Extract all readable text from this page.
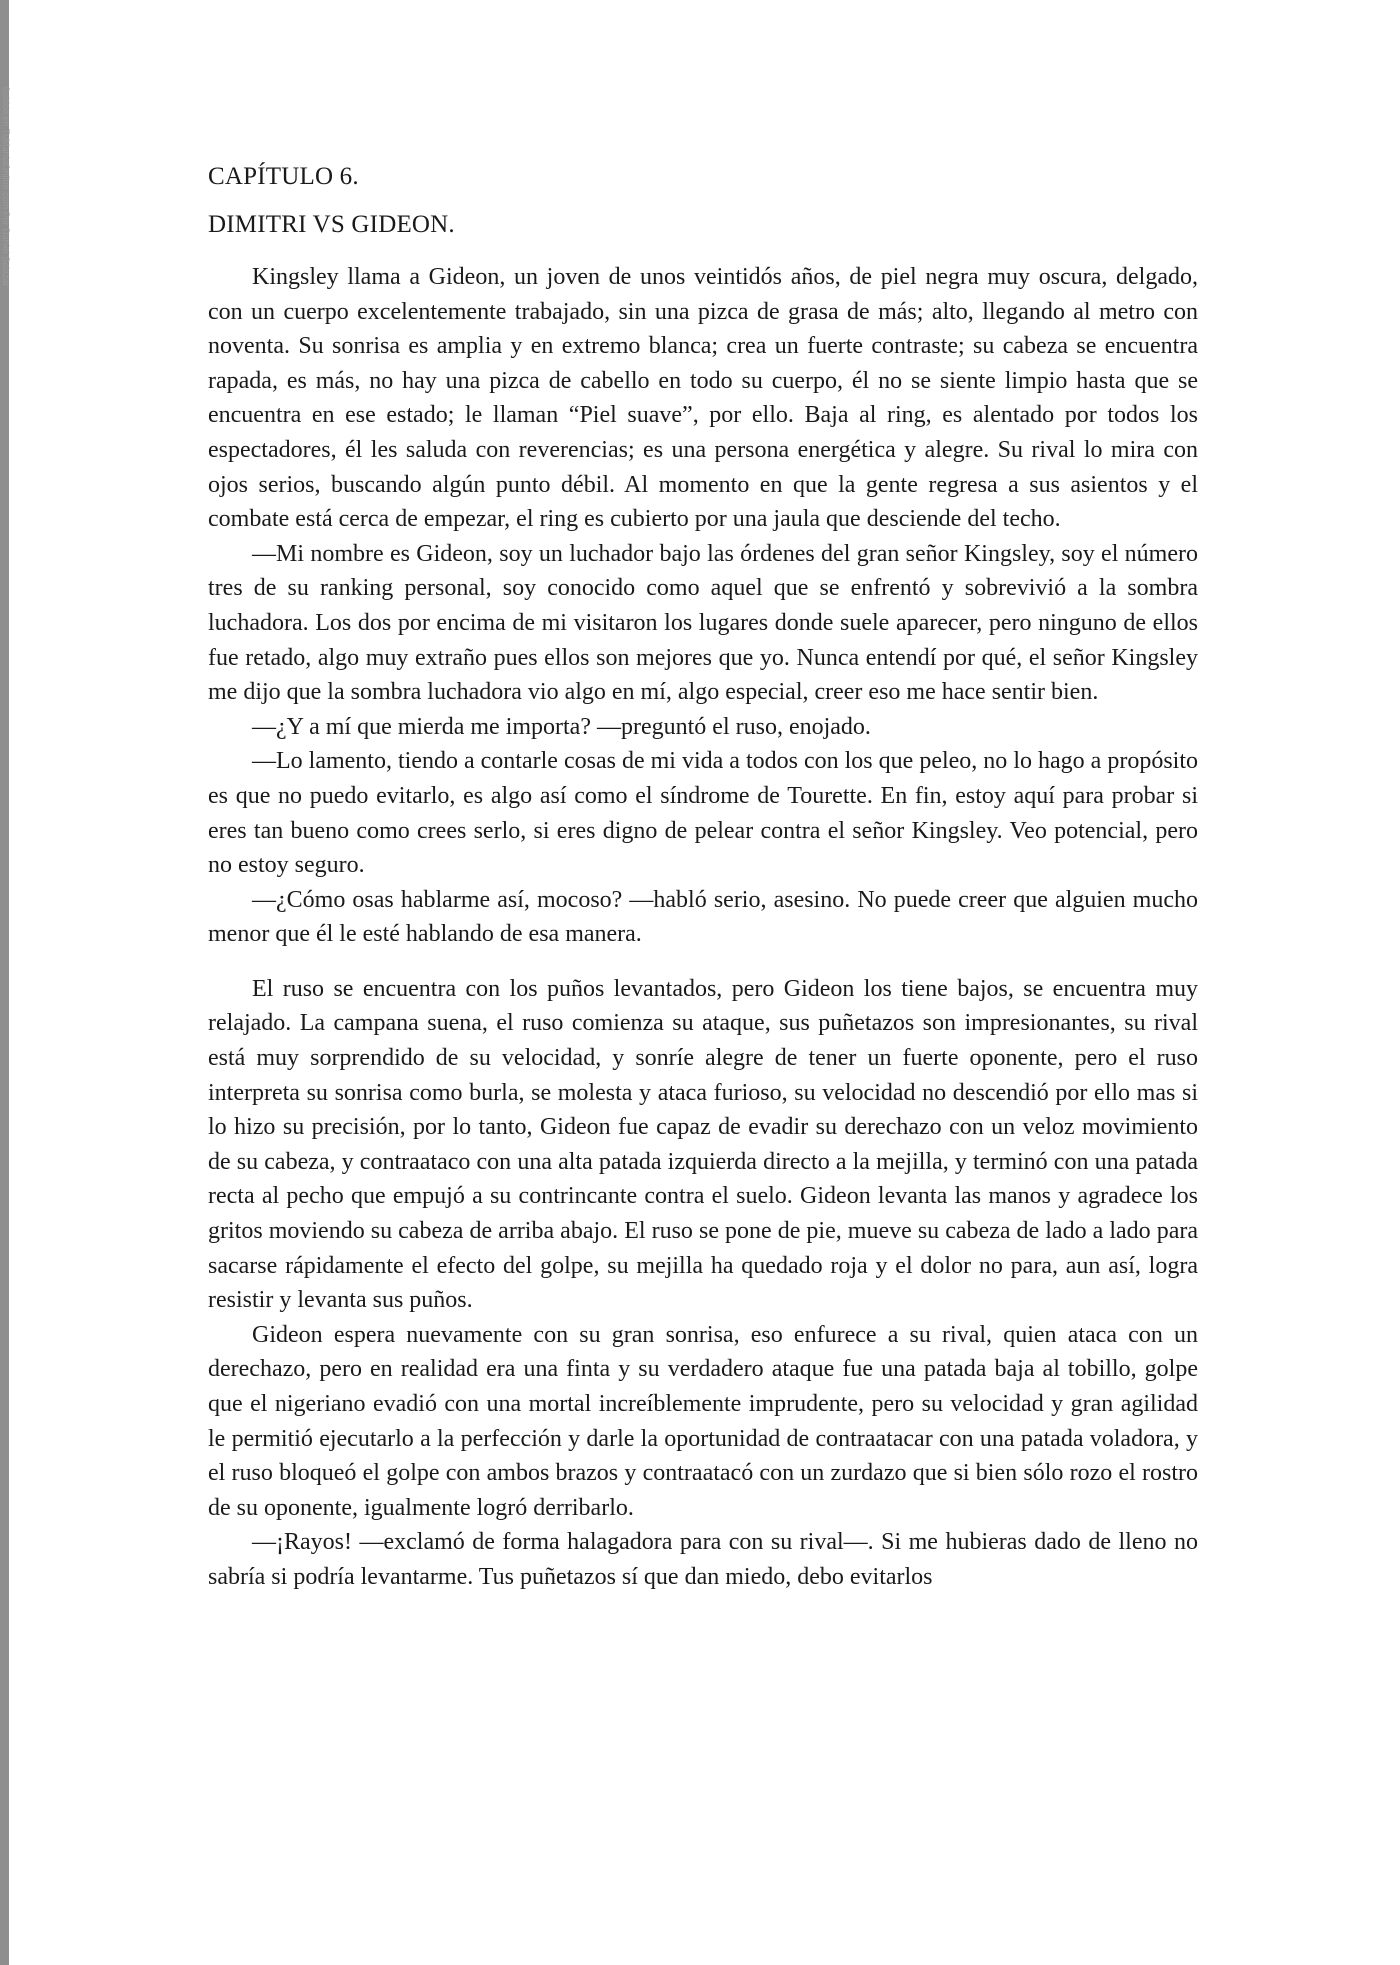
Subido en TuManiaOnline.com Por Daniel Salazar	CAPÍTULO 6.
DIMITRI VS GIDEON.

Kingsley llama a Gideon, un joven de unos veintidós años, de piel negra muy oscura, delgado, con un cuerpo excelentemente trabajado, sin una pizca de grasa de más; alto, llegando al metro con noventa. Su sonrisa es amplia y en extremo blanca; crea un fuerte contraste; su cabeza se encuentra rapada, es más, no hay una pizca de cabello en todo su cuerpo, él no se siente limpio hasta que se encuentra en ese estado; le llaman “Piel suave”, por ello. Baja al ring, es alentado por todos los espectadores, él les saluda con reverencias; es una persona energética y alegre. Su rival lo mira con ojos serios, buscando algún punto débil. Al momento en que la gente regresa a sus asientos y el combate está cerca de empezar, el ring es cubierto por una jaula que desciende del techo.

—Mi nombre es Gideon, soy un luchador bajo las órdenes del gran señor Kingsley, soy el número tres de su ranking personal, soy conocido como aquel que se enfrentó y sobrevivió a la sombra luchadora. Los dos por encima de mi visitaron los lugares donde suele aparecer, pero ninguno de ellos fue retado, algo muy extraño pues ellos son mejores que yo. Nunca entendí por qué, el señor Kingsley me dijo que la sombra luchadora vio algo en mí, algo especial, creer eso me hace sentir bien.

—¿Y a mí que mierda me importa? —preguntó el ruso, enojado.

—Lo lamento, tiendo a contarle cosas de mi vida a todos con los que peleo, no lo hago a propósito es que no puedo evitarlo, es algo así como el síndrome de Tourette. En fin, estoy aquí para probar si eres tan bueno como crees serlo, si eres digno de pelear contra el señor Kingsley. Veo potencial, pero no estoy seguro.

—¿Cómo osas hablarme así, mocoso? —habló serio, asesino. No puede creer que alguien mucho menor que él le esté hablando de esa manera.

El ruso se encuentra con los puños levantados, pero Gideon los tiene bajos, se encuentra muy relajado. La campana suena, el ruso comienza su ataque, sus puñetazos son impresionantes, su rival está muy sorprendido de su velocidad, y sonríe alegre de tener un fuerte oponente, pero el ruso interpreta su sonrisa como burla, se molesta y ataca furioso, su velocidad no descendió por ello mas si lo hizo su precisión, por lo tanto, Gideon fue capaz de evadir su derechazo con un veloz movimiento de su cabeza, y contraataco con una alta patada izquierda directo a la mejilla, y terminó con una patada recta al pecho que empujó a su contrincante contra el suelo. Gideon levanta las manos y agradece los gritos moviendo su cabeza de arriba abajo. El ruso se pone de pie, mueve su cabeza de lado a lado para sacarse rápidamente el efecto del golpe, su mejilla ha quedado roja y el dolor no para, aun así, logra resistir y levanta sus puños.

Gideon espera nuevamente con su gran sonrisa, eso enfurece a su rival, quien ataca con un derechazo, pero en realidad era una finta y su verdadero ataque fue una patada baja al tobillo, golpe que el nigeriano evadió con una mortal increíblemente imprudente, pero su velocidad y gran agilidad le permitió ejecutarlo a la perfección y darle la oportunidad de contraatacar con una patada voladora, y el ruso bloqueó el golpe con ambos brazos y contraatacó con un zurdazo que si bien sólo rozo el rostro de su oponente, igualmente logró derribarlo.

—¡Rayos! —exclamó de forma halagadora para con su rival—. Si me hubieras dado de lleno no sabría si podría levantarme. Tus puñetazos sí que dan miedo, debo evitarlos
